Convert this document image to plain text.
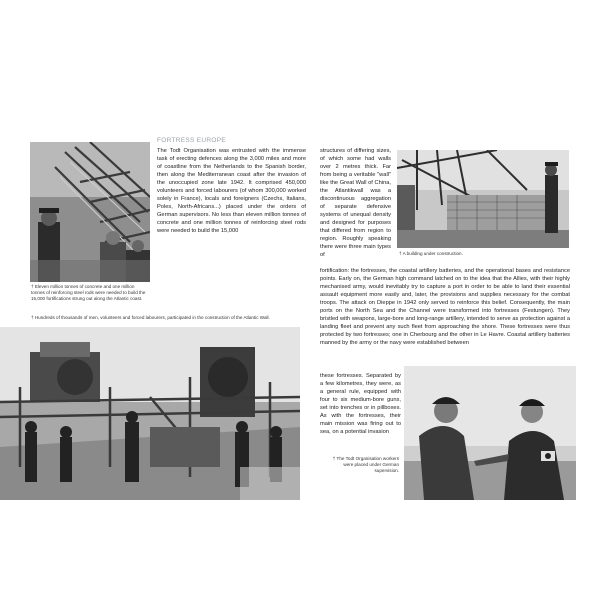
† Eleven million tonnes of concrete and one million tonnes of reinforcing steel rods were needed to build the 15,000 fortifications strung out along the Atlantic coast.
FORTRESS EUROPE

The Todt Organisation was entrusted with the immense task of erecting defences along the 3,000 miles and more of coastline from the Netherlands to the Spanish border, then along the Mediterranean coast after the invasion of the unoccupied zone late 1942. It comprised 450,000 volunteers and forced labourers (of whom 300,000 worked solely in France), locals and foreigners (Czechs, Italians, Poles, North-Africans...) placed under the orders of German supervisors. No less than eleven million tonnes of concrete and one million tonnes of reinforcing steel rods were needed to build the 15,000

structures of differing sizes, of which some had walls over 2 metres thick. Far from being a veritable "wall" like the Great Wall of China, the Atlantikwall was a discontinuous aggregation of separate defensive systems of unequal density and designed for purposes that differed from region to region. Roughly speaking there were three main types of	† A building under construction.

fortification: the fortresses, the coastal artillery batteries, and the operational bases and resistance points. Early on, the German high command latched on to the idea that the Allies, with their highly mechanised army, would inevitably try to capture a port in order to be able to land their essential assault equipment more easily and, later, the provisions and supplies necessary for the combat troops. The attack on Dieppe in 1942 only served to reinforce this belief. Consequently, the main ports on the North Sea and the Channel were transformed into fortresses (Festungen). They bristled with weapons, large-bore and long-range artillery, intended to serve as protection against a landing fleet and prevent any such fleet from approaching the shore. These fortresses were thus protected by two fortresses; one in Cherbourg and the other in Le Havre. Coastal artillery batteries manned by the army or the navy were established between

these fortresses. Separated by a few kilometres, they were, as a general rule, equipped with four to six medium-bore guns, set into trenches or in pillboxes. As with the fortresses, their main mission was firing out to sea, on a potential invasion

† Hundreds of thousands of men, volunteers and forced labourers, participated in the construction of the Atlantic Wall.
† The Todt Organisation workers were placed under German supervision.
